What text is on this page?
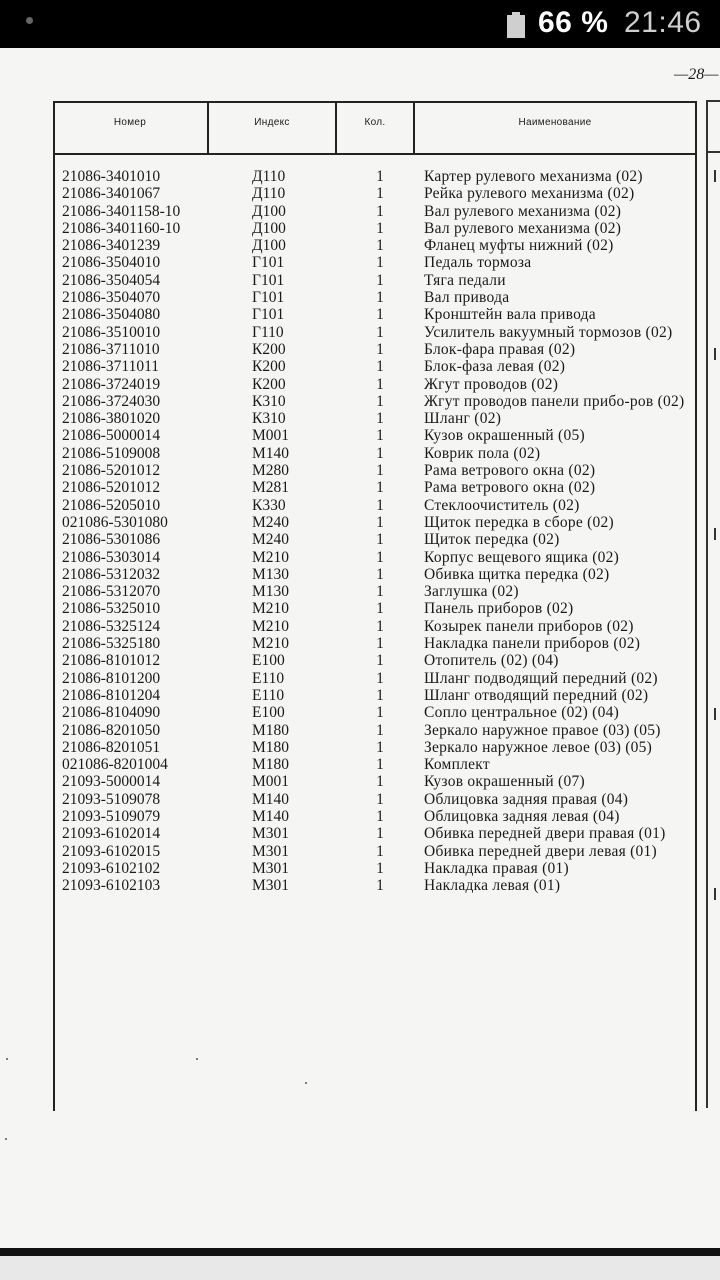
66 % 21:46
—28—
Номер	Индекс	Кол.	Наименование
21086-3401010	Д110	1	Картер рулевого механизма (02)
21086-3401067	Д110	1	Рейка рулевого механизма (02)
21086-3401158-10	Д100	1	Вал рулевого механизма (02)
21086-3401160-10	Д100	1	Вал рулевого механизма (02)
21086-3401239	Д100	1	Фланец муфты нижний (02)
21086-3504010	Г101	1	Педаль тормоза
21086-3504054	Г101	1	Тяга педали
21086-3504070	Г101	1	Вал привода
21086-3504080	Г101	1	Кронштейн вала привода
21086-3510010	Г110	1	Усилитель вакуумный тормозов (02)
21086-3711010	К200	1	Блок-фара правая (02)
21086-3711011	К200	1	Блок-фаза левая (02)
21086-3724019	К200	1	Жгут проводов (02)
21086-3724030	К310	1	Жгут проводов панели прибо-ров (02)
21086-3801020	К310	1	Шланг (02)
21086-5000014	М001	1	Кузов окрашенный (05)
21086-5109008	М140	1	Коврик пола (02)
21086-5201012	М280	1	Рама ветрового окна (02)
21086-5201012	М281	1	Рама ветрового окна (02)
21086-5205010	К330	1	Стеклоочиститель (02)
021086-5301080	М240	1	Щиток передка в сборе (02)
21086-5301086	М240	1	Щиток передка (02)
21086-5303014	М210	1	Корпус вещевого ящика (02)
21086-5312032	М130	1	Обивка щитка передка (02)
21086-5312070	М130	1	Заглушка (02)
21086-5325010	М210	1	Панель приборов (02)
21086-5325124	М210	1	Козырек панели приборов (02)
21086-5325180	М210	1	Накладка панели приборов (02)
21086-8101012	Е100	1	Отопитель (02) (04)
21086-8101200	Е110	1	Шланг подводящий передний (02)
21086-8101204	Е110	1	Шланг отводящий передний (02)
21086-8104090	Е100	1	Сопло центральное (02) (04)
21086-8201050	М180	1	Зеркало наружное правое (03) (05)
21086-8201051	М180	1	Зеркало наружное левое (03) (05)
021086-8201004	М180	1	Комплект
21093-5000014	М001	1	Кузов окрашенный (07)
21093-5109078	М140	1	Облицовка задняя правая (04)
21093-5109079	М140	1	Облицовка задняя левая (04)
21093-6102014	М301	1	Обивка передней двери правая (01)
21093-6102015	М301	1	Обивка передней двери левая (01)
21093-6102102	М301	1	Накладка правая (01)
21093-6102103	М301	1	Накладка левая (01)
